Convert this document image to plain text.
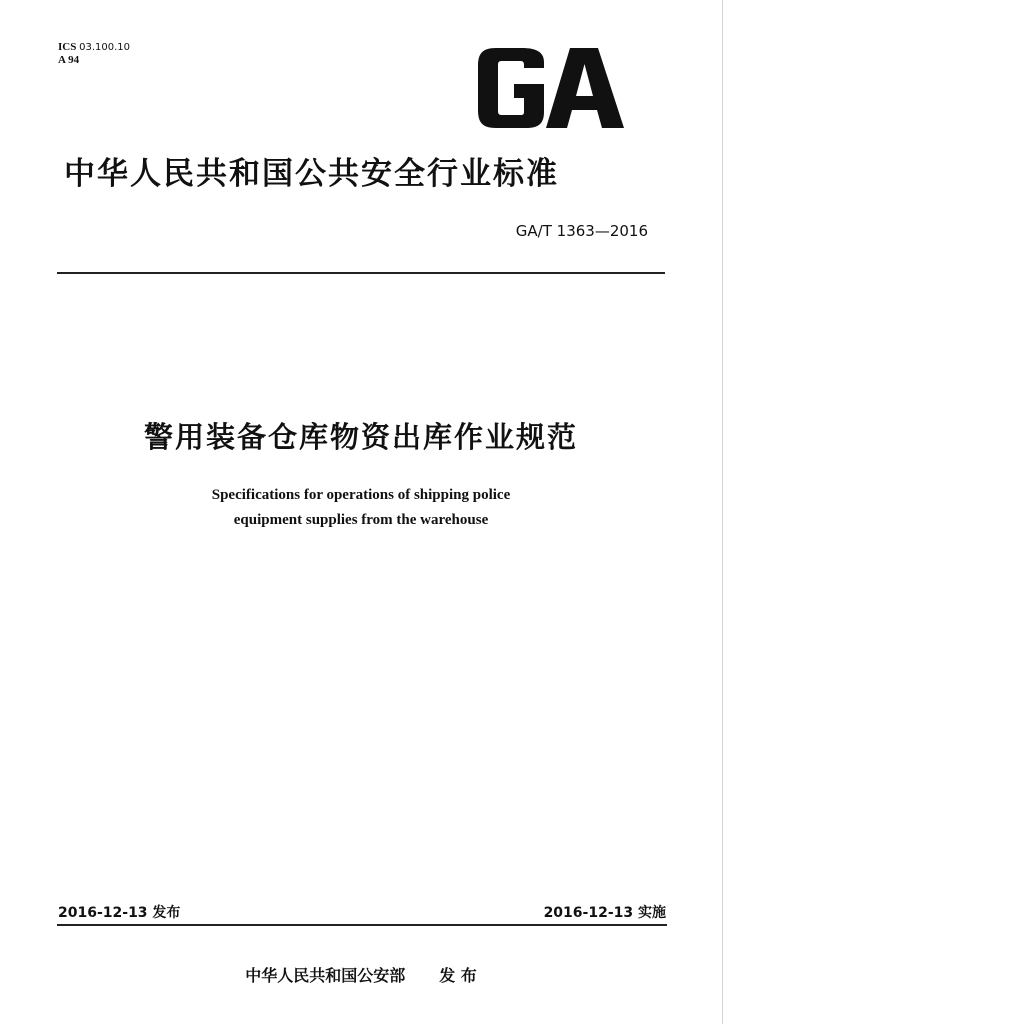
ICS 03.100.10
A 94
GA
中华人民共和国公共安全行业标准
GA/T 1363—2016
警用装备仓库物资出库作业规范
Specifications for operations of shipping police
equipment supplies from the warehouse
2016-12-13 发布	2016-12-13 实施
中华人民共和国公安部 发 布
